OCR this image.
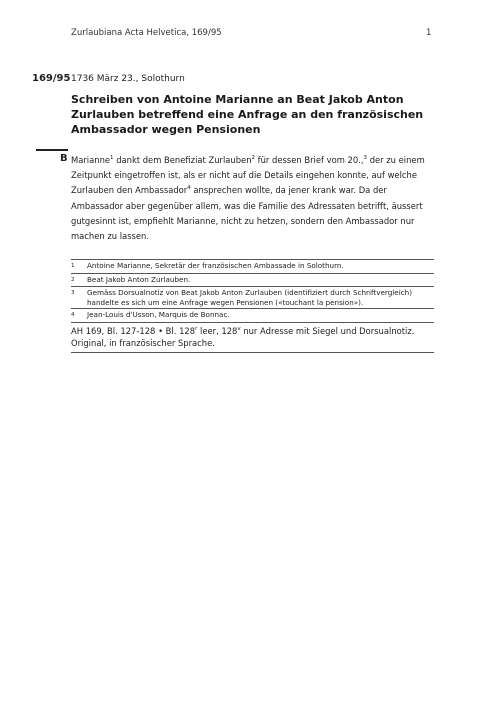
Zurlaubiana Acta Helvetica, 169/95	1
169/95 1736 März 23., Solothurn
Schreiben von Antoine Marianne an Beat Jakob Anton Zurlauben betreffend eine Anfrage an den französischen Ambassador wegen Pensionen
B Marianne$^1$ dankt dem Benefiziat Zurlauben$^2$ für dessen Brief vom 20.,$^3$ der zu einem Zeitpunkt eingetroffen ist, als er nicht auf die Details eingehen konnte, auf welche Zurlauben den Ambassador$^4$ ansprechen wollte, da jener krank war. Da der Ambassador aber gegenüber allem, was die Familie des Adressaten betrifft, äussert gutgesinnt ist, empfiehlt Marianne, nicht zu hetzen, sondern den Ambassador nur machen zu lassen.
1	Antoine Marianne, Sekretär der französischen Ambassade in Solothurn.
2	Beat Jakob Anton Zurlauben.
3	Gemäss Dorsualnotiz von Beat Jakob Anton Zurlauben (identifiziert durch Schriftvergleich) handelte es sich um eine Anfrage wegen Pensionen («touchant la pension»).
4	Jean-Louis d'Usson, Marquis de Bonnac.
AH 169, Bl. 127-128 • Bl. 128$^r$ leer, 128$^v$ nur Adresse mit Siegel und Dorsualnotiz. Original, in französischer Sprache.
